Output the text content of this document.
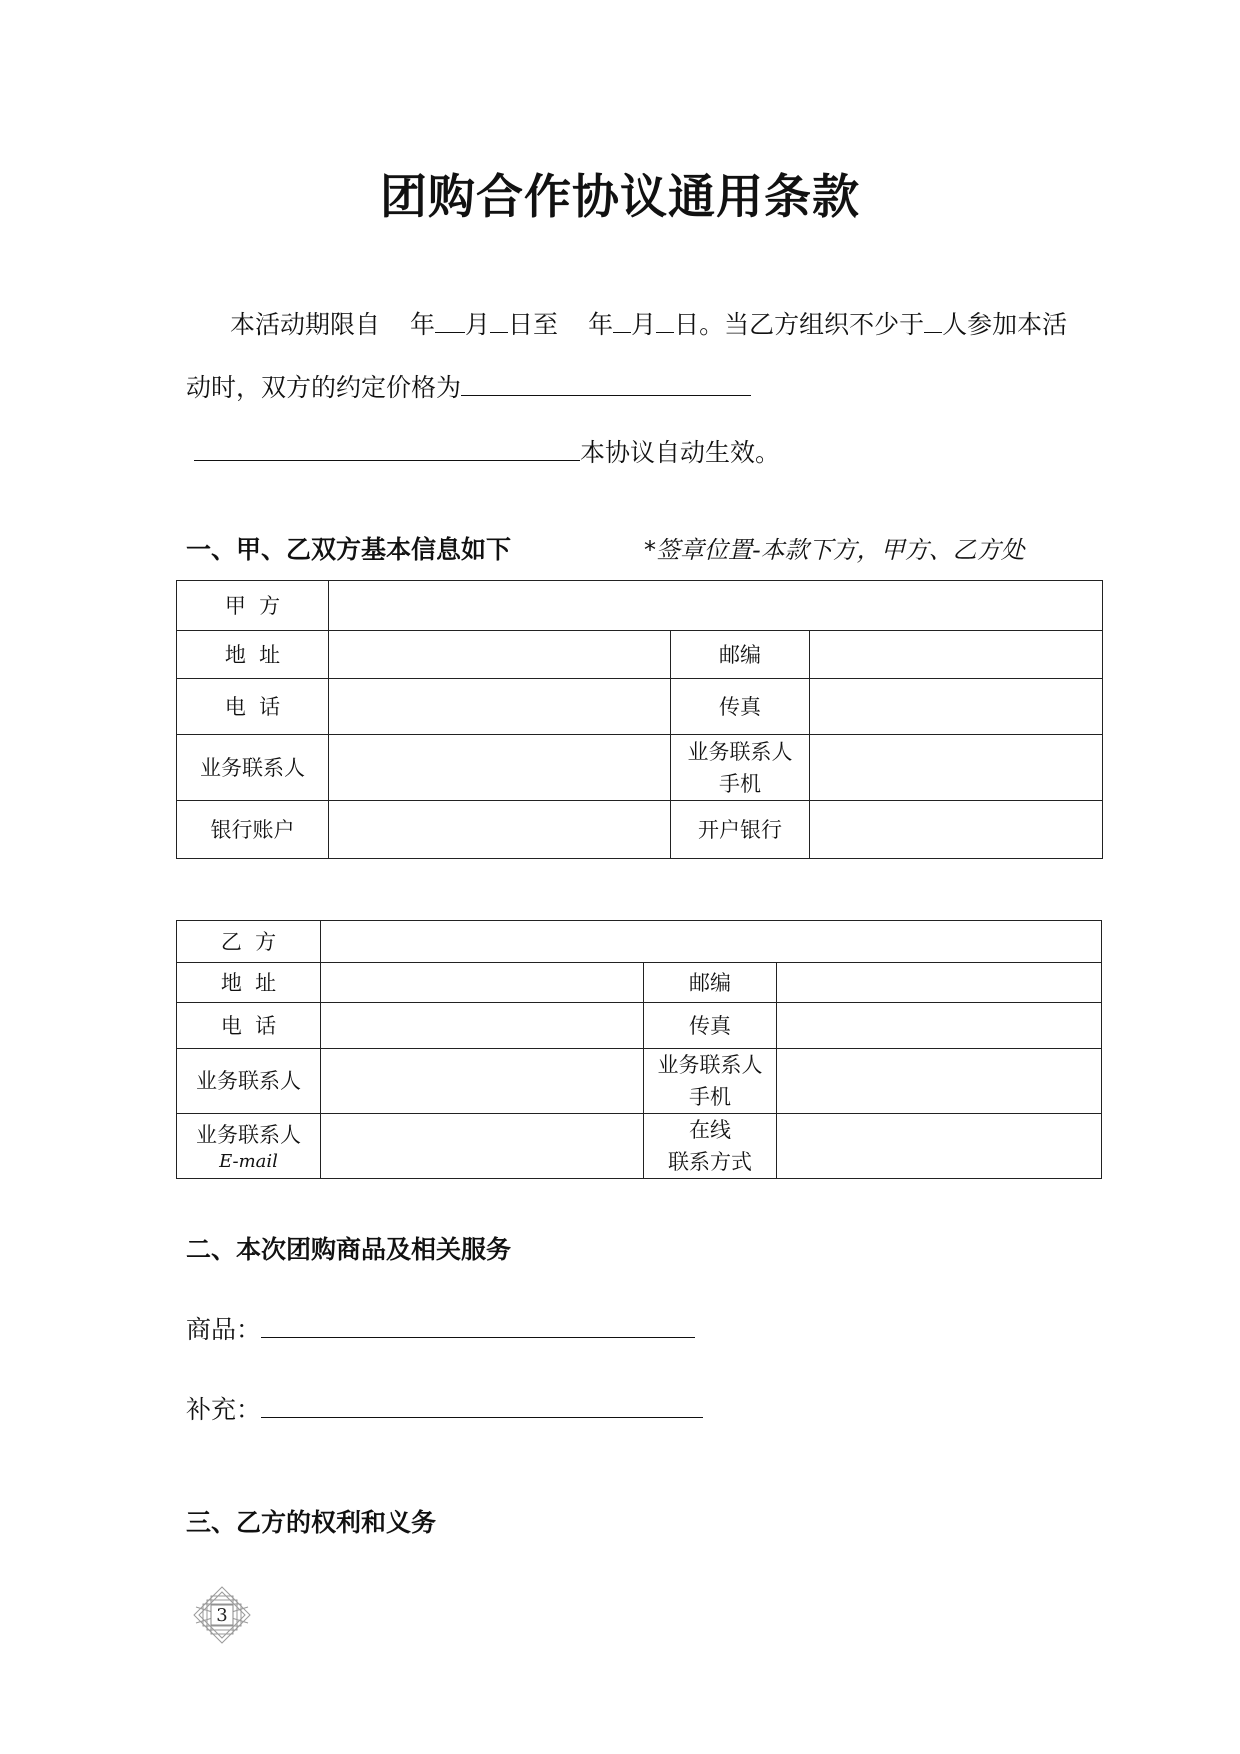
团购合作协议通用条款
本活动期限自 年 月 日至 年 月 日。当乙方组织不少于 人参加本活
动时，双方的约定价格为
本协议自动生效。
一、甲、乙双方基本信息如下	*签章位置-本款下方，甲方、乙方处
甲  方			
地  址		邮编	
电  话		传真	
业务联系人		业务联系人
手机	
银行账户		开户银行	
乙  方			
地  址		邮编	
电  话		传真	
业务联系人		业务联系人
手机	
业务联系人
E-mail		在线
联系方式	
二、本次团购商品及相关服务
商品：
补充：
三、乙方的权利和义务
3
